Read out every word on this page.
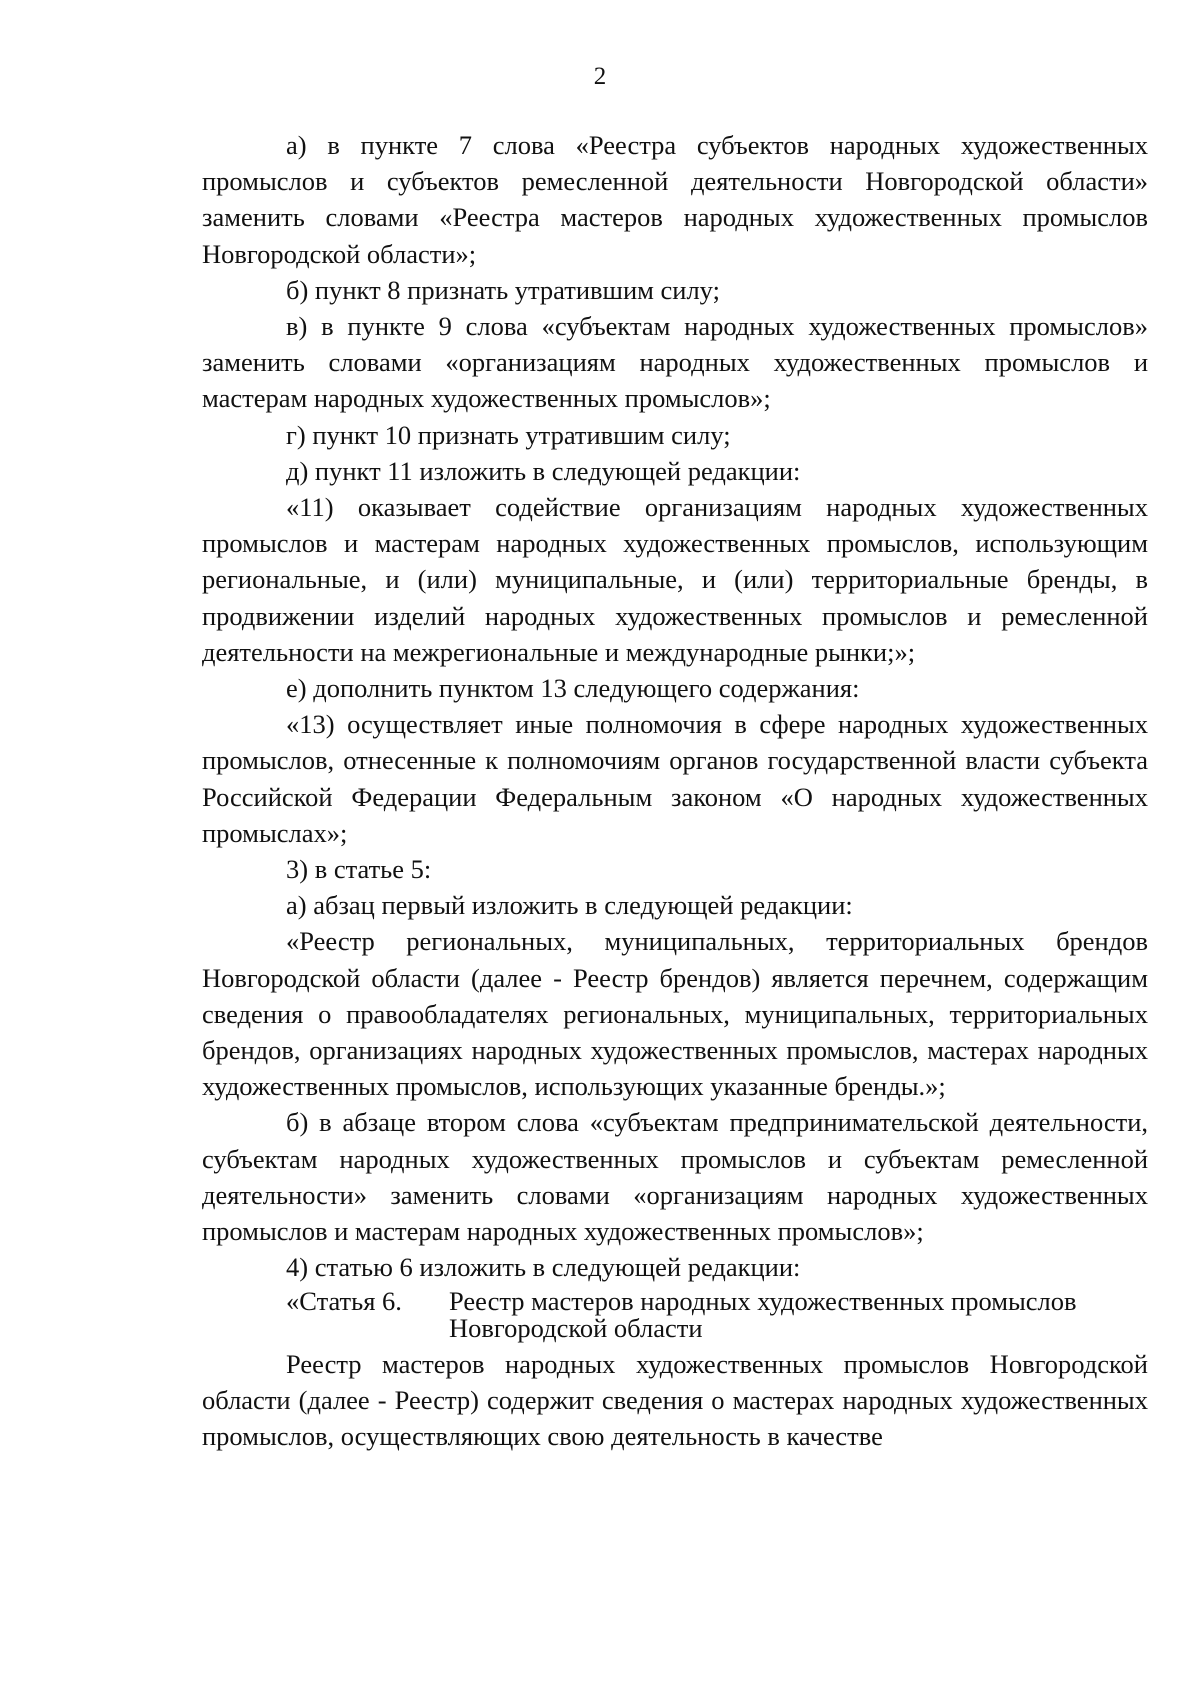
2

а) в пункте 7 слова «Реестра субъектов народных художественных промыслов и субъектов ремесленной деятельности Новгородской области» заменить словами «Реестра мастеров народных художественных промыслов Новгородской области»;

б) пункт 8 признать утратившим силу;

в) в пункте 9 слова «субъектам народных художественных промыслов» заменить словами «организациям народных художественных промыслов и мастерам народных художественных промыслов»;

г) пункт 10 признать утратившим силу;

д) пункт 11 изложить в следующей редакции:

«11) оказывает содействие организациям народных художественных промыслов и мастерам народных художественных промыслов, использующим региональные, и (или) муниципальные, и (или) территориальные бренды, в продвижении изделий народных художественных промыслов и ремесленной деятельности на межрегиональные и международные рынки;»;

е) дополнить пунктом 13 следующего содержания:

«13) осуществляет иные полномочия в сфере народных художественных промыслов, отнесенные к полномочиям органов государственной власти субъекта Российской Федерации Федеральным законом «О народных художественных промыслах»;

3) в статье 5:

а) абзац первый изложить в следующей редакции:

«Реестр региональных, муниципальных, территориальных брендов Новгородской области (далее - Реестр брендов) является перечнем, содержащим сведения о правообладателях региональных, муниципальных, территориальных брендов, организациях народных художественных промыслов, мастерах народных художественных промыслов, использующих указанные бренды.»;

б) в абзаце втором слова «субъектам предпринимательской деятельности, субъектам народных художественных промыслов и субъектам ремесленной деятельности» заменить словами «организациям народных художественных промыслов и мастерам народных художественных промыслов»;

4) статью 6 изложить в следующей редакции:

«Статья 6.	Реестр мастеров народных художественных промыслов Новгородской области

Реестр мастеров народных художественных промыслов Новгородской области (далее - Реестр) содержит сведения о мастерах народных художественных промыслов, осуществляющих свою деятельность в качестве
